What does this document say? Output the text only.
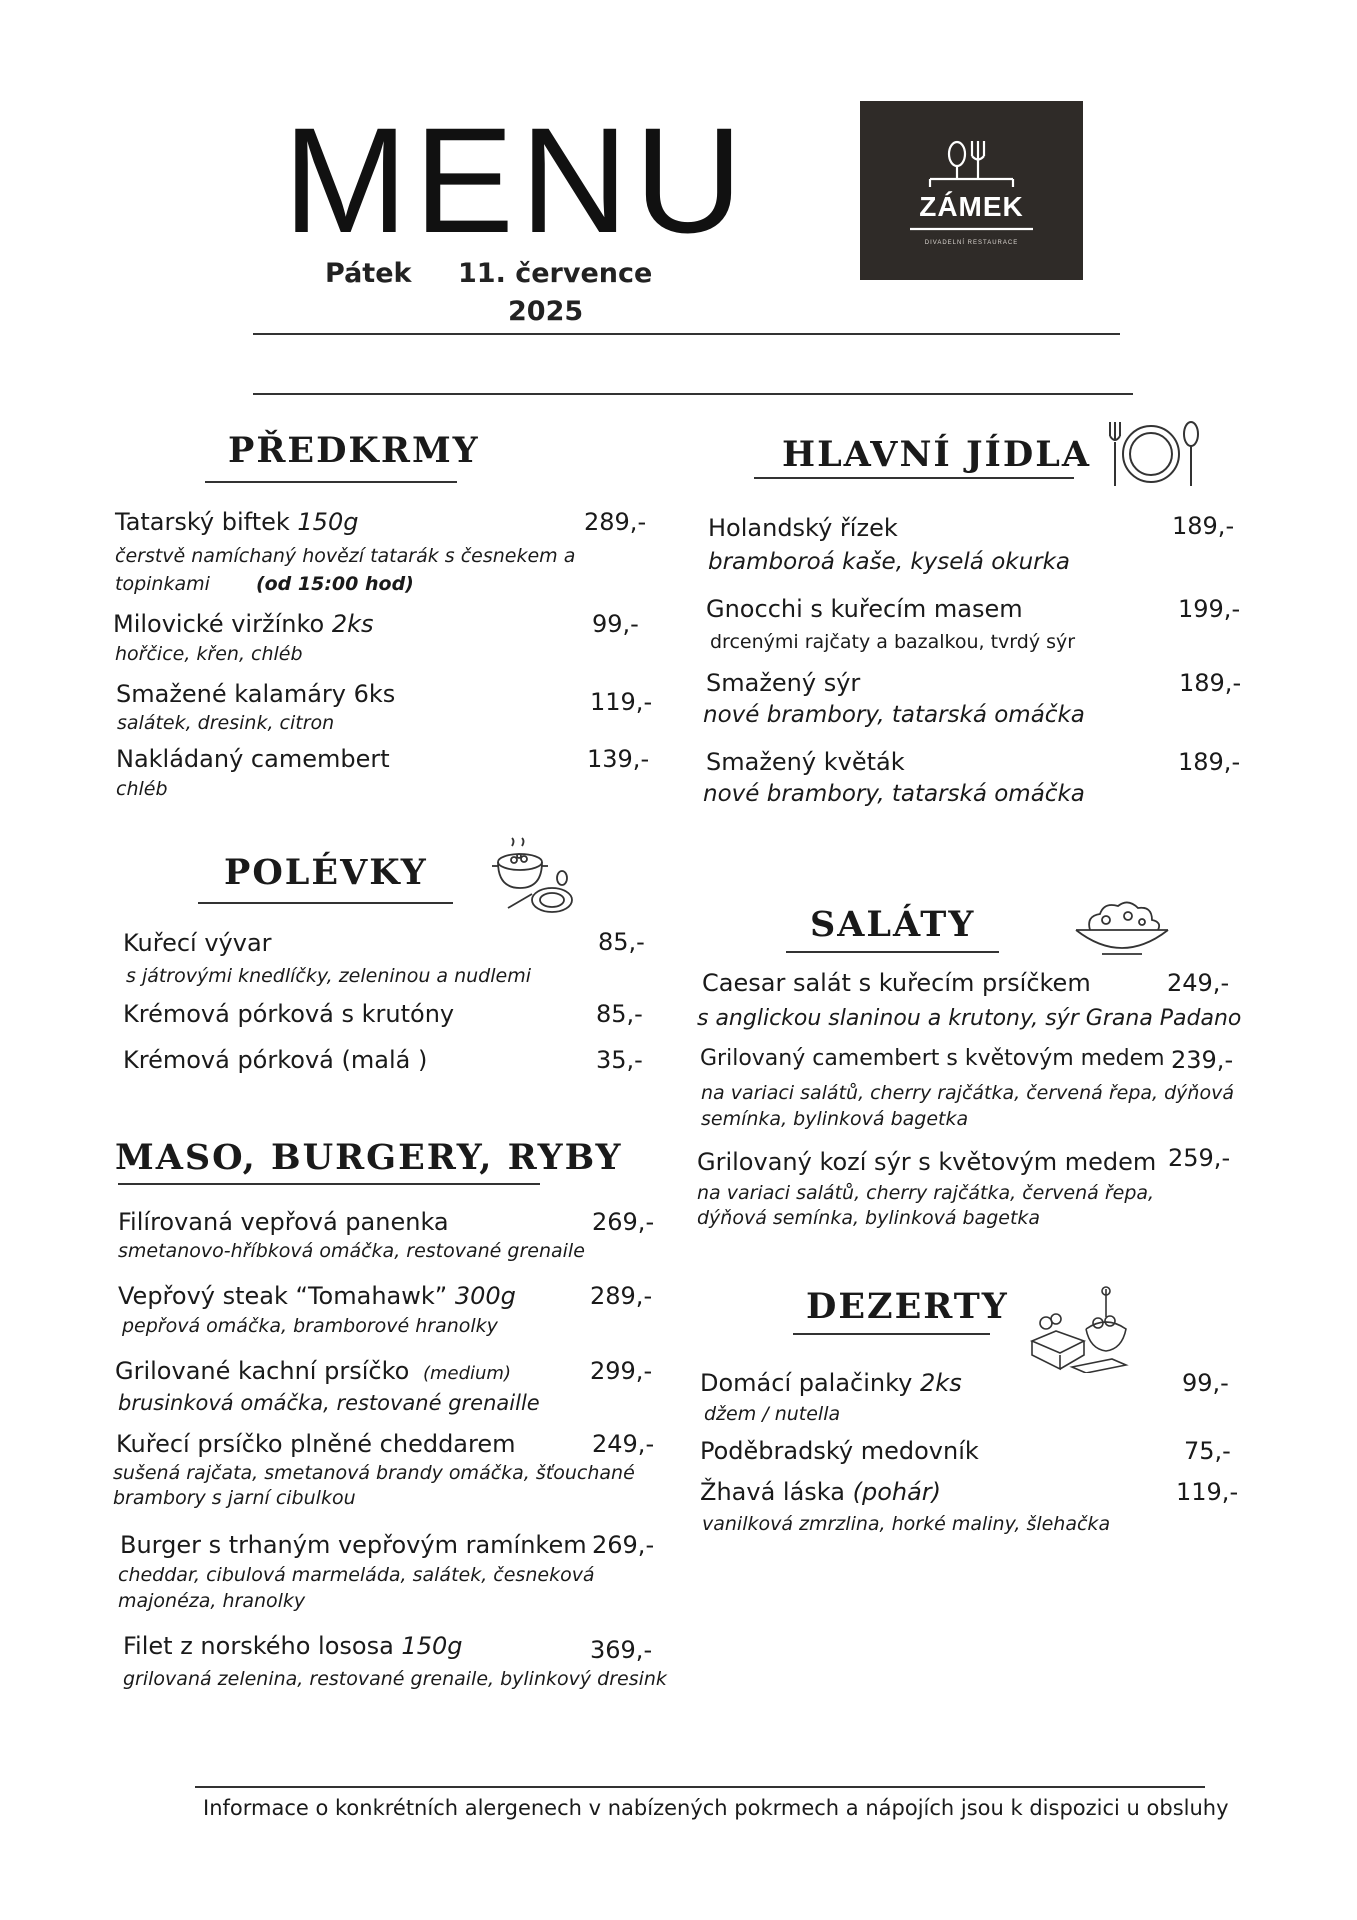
MENU
Pátek 11. července
2025
ZÁMEK
DIVADELNÍ RESTAURACE
PŘEDKRMY
Tatarský biftek 150g	289,-
čerstvě namíchaný hovězí tatarák s česnekem a
topinkami (od 15:00 hod)
Milovické viržínko 2ks	99,-
hořčice, křen, chléb
Smažené kalamáry 6ks	119,-
salátek, dresink, citron
Nakládaný camembert	139,-
chléb
HLAVNÍ JÍDLA
Holandský řízek	189,-
bramboroá kaše, kyselá okurka
Gnocchi s kuřecím masem	199,-
drcenými rajčaty a bazalkou, tvrdý sýr
Smažený sýr	189,-
nové brambory, tatarská omáčka
Smažený květák	189,-
nové brambory, tatarská omáčka
POLÉVKY
Kuřecí vývar	85,-
s játrovými knedlíčky, zeleninou a nudlemi
Krémová pórková s krutóny	85,-
Krémová pórková (malá )	35,-
MASO, BURGERY, RYBY
Filírovaná vepřová panenka	269,-
smetanovo-hříbková omáčka, restované grenaile
Vepřový steak “Tomahawk” 300g	289,-
pepřová omáčka, bramborové hranolky
Grilované kachní prsíčko (medium)	299,-
brusinková omáčka, restované grenaille
Kuřecí prsíčko plněné cheddarem	249,-
sušená rajčata, smetanová brandy omáčka, šťouchané
brambory s jarní cibulkou
Burger s trhaným vepřovým ramínkem 269,-
cheddar, cibulová marmeláda, salátek, česneková
majonéza, hranolky
Filet z norského lososa 150g	369,-
grilovaná zelenina, restované grenaile, bylinkový dresink
SALÁTY
Caesar salát s kuřecím prsíčkem	249,-
s anglickou slaninou a krutony, sýr Grana Padano
Grilovaný camembert s květovým medem 239,-
na variaci salátů, cherry rajčátka, červená řepa, dýňová
semínka, bylinková bagetka
Grilovaný kozí sýr s květovým medem 259,-
na variaci salátů, cherry rajčátka, červená řepa,
dýňová semínka, bylinková bagetka
DEZERTY
Domácí palačinky 2ks	99,-
džem / nutella
Poděbradský medovník	75,-
Žhavá láska (pohár)	119,-
vanilková zmrzlina, horké maliny, šlehačka
Informace o konkrétních alergenech v nabízených pokrmech a nápojích jsou k dispozici u obsluhy
